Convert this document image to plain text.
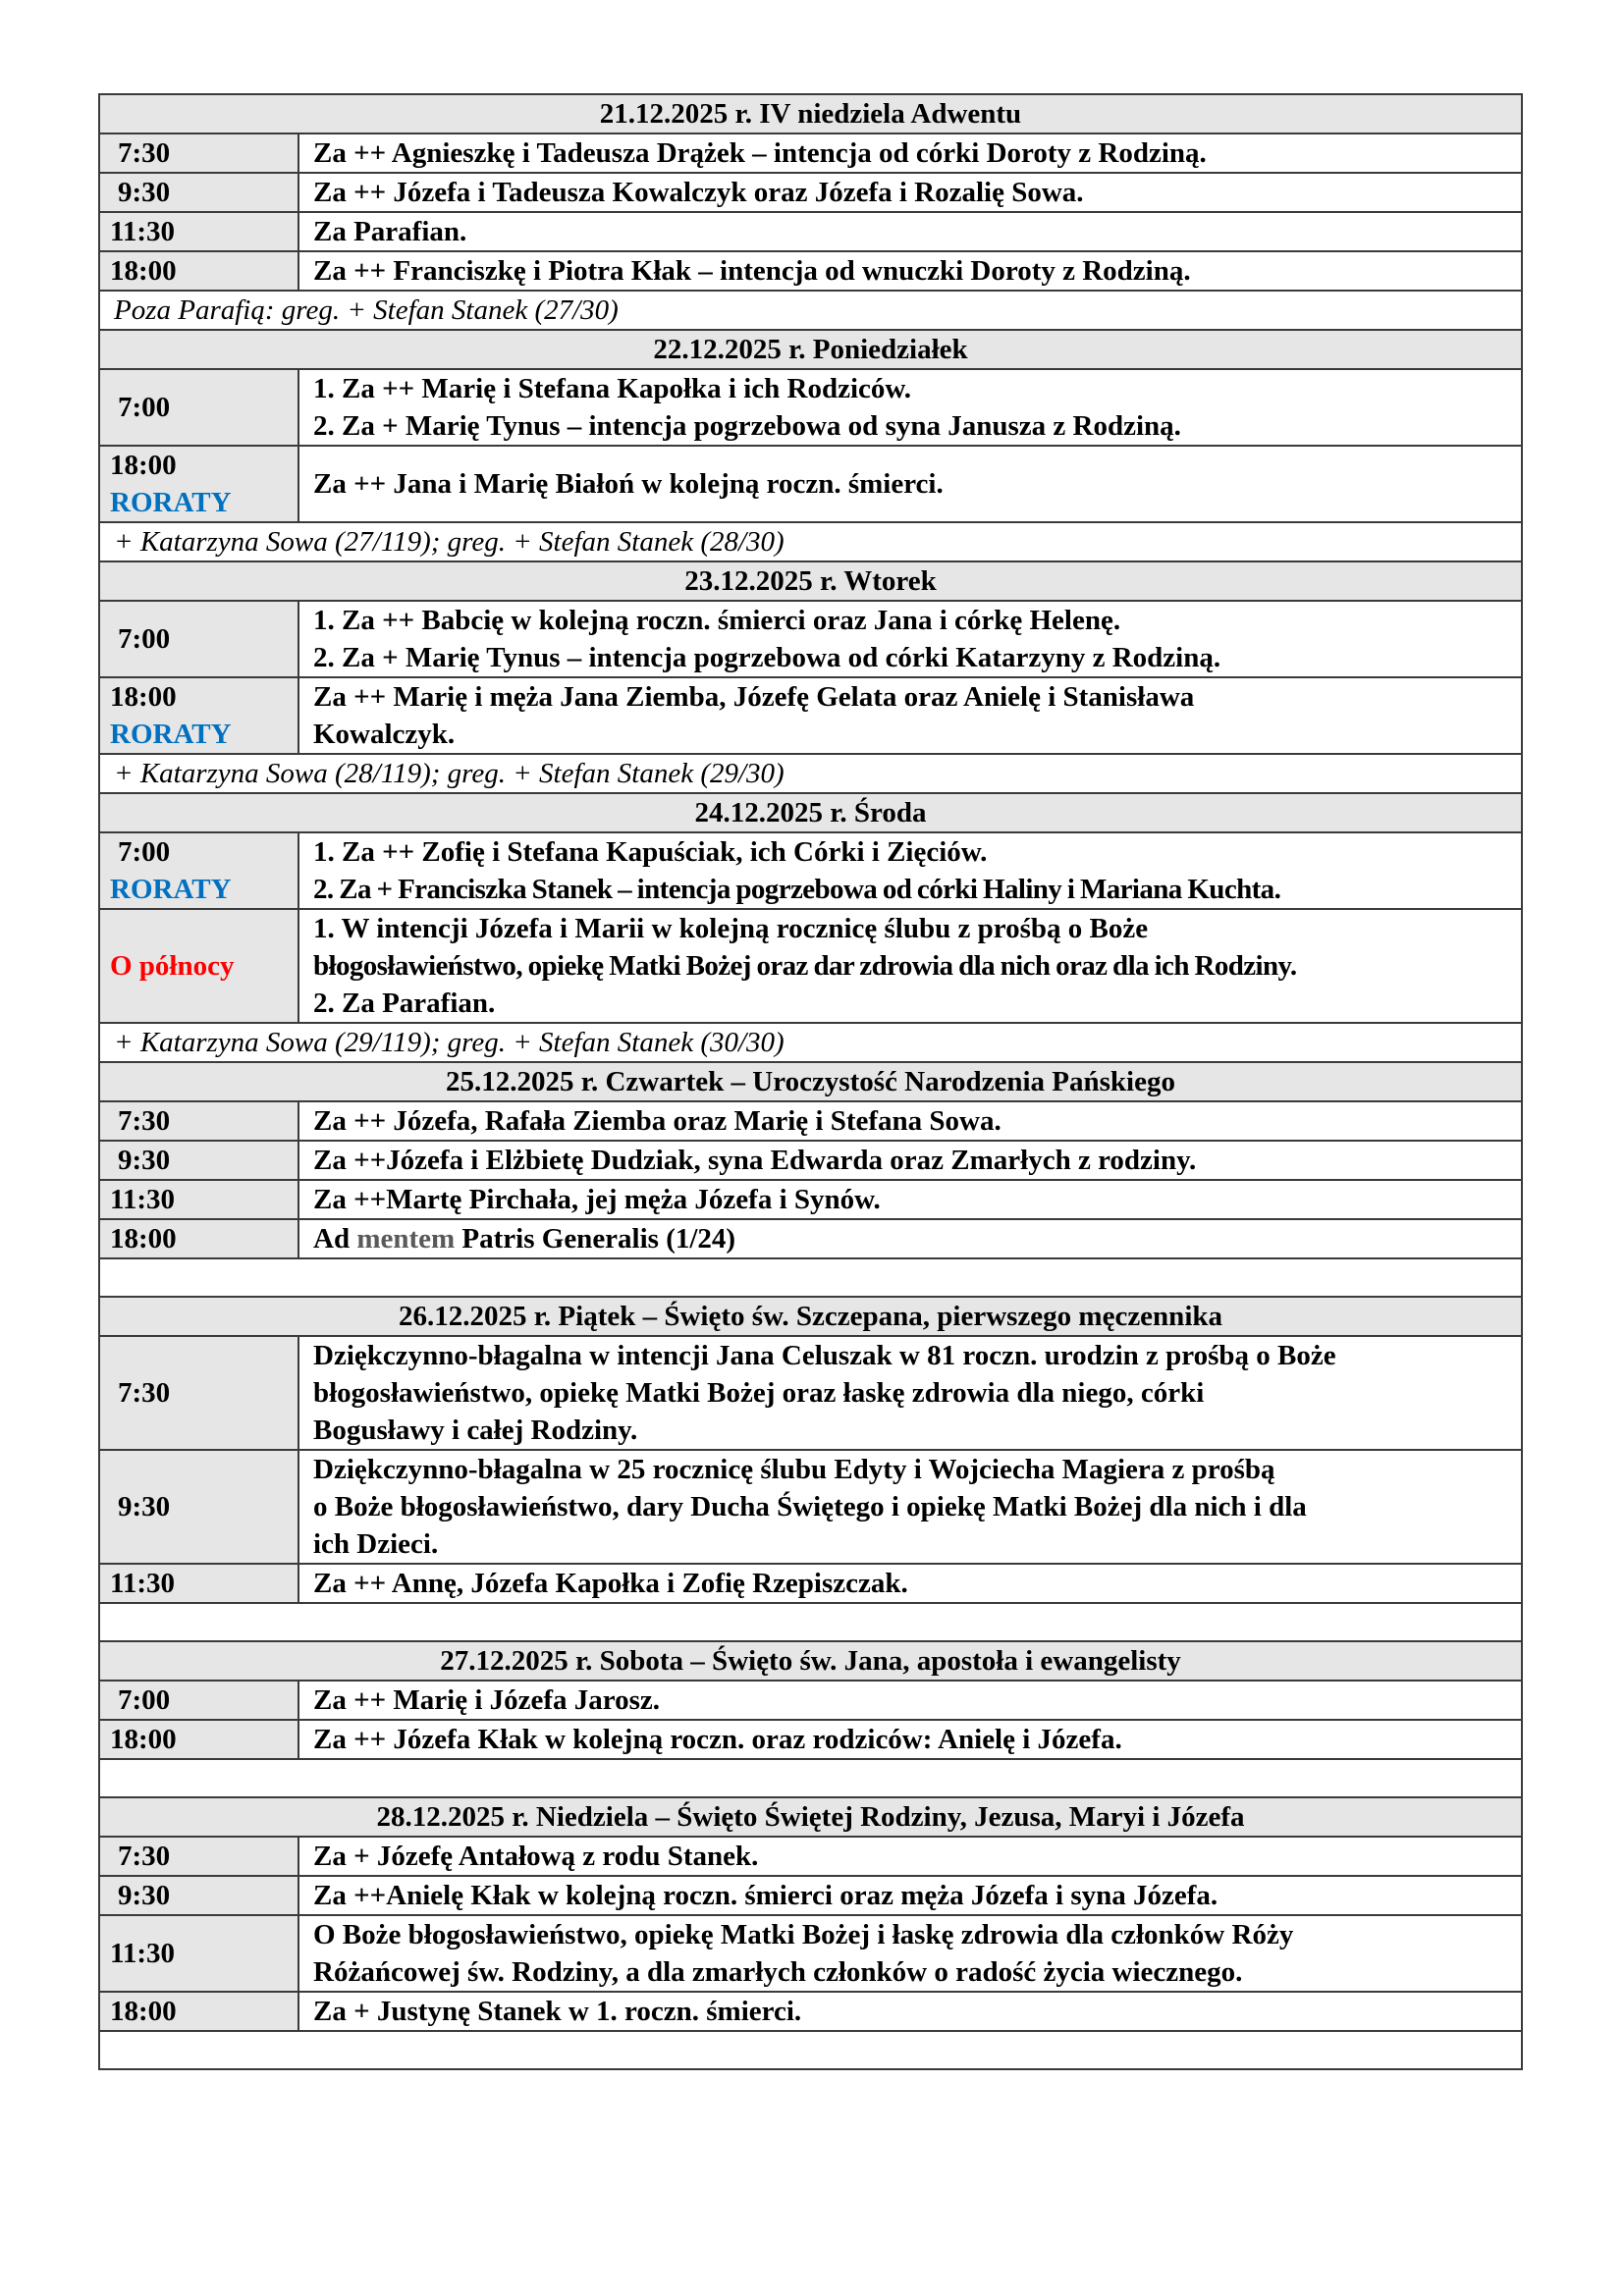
21.12.2025 r. IV niedziela Adwentu	

7:30	Za ++ Agnieszkę i Tadeusza Drążek – intencja od córki Doroty z Rodziną.

9:30	Za ++ Józefa i Tadeusza Kowalczyk oraz Józefa i Rozalię Sowa.
11:30	Za Parafian.
18:00	Za ++ Franciszkę i Piotra Kłak – intencja od wnuczki Doroty z Rodziną.
Poza Parafią: greg. + Stefan Stanek (27/30)	
22.12.2025 r. Poniedziałek	

7:00	1. Za ++ Marię i Stefana Kapołka i ich Rodziców.
2. Za + Marię Tynus – intencja pogrzebowa od syna Janusza z Rodziną.

18:00
RORATY	Za ++ Jana i Marię Białoń w kolejną roczn. śmierci.
+ Katarzyna Sowa (27/119); greg. + Stefan Stanek (28/30)	
23.12.2025 r. Wtorek	

7:00	1. Za ++ Babcię w kolejną roczn. śmierci oraz Jana i córkę Helenę.
2. Za + Marię Tynus – intencja pogrzebowa od córki Katarzyny z Rodziną.

18:00
RORATY	Za ++ Marię i męża Jana Ziemba, Józefę Gelata oraz Anielę i Stanisława
Kowalczyk.

+ Katarzyna Sowa (28/119); greg. + Stefan Stanek (29/30)	
24.12.2025 r. Środa	

7:00
RORATY	1. Za ++ Zofię i Stefana Kapuściak, ich Córki i Zięciów.
2. Za + Franciszka Stanek – intencja pogrzebowa od córki Haliny i Mariana Kuchta.

O północy	1. W intencji Józefa i Marii w kolejną rocznicę ślubu z prośbą o Boże
błogosławieństwo, opiekę Matki Bożej oraz dar zdrowia dla nich oraz dla ich Rodziny.
2. Za Parafian.

+ Katarzyna Sowa (29/119); greg. + Stefan Stanek (30/30)	
25.12.2025 r. Czwartek – Uroczystość Narodzenia Pańskiego	

7:30	Za ++ Józefa, Rafała Ziemba oraz Marię i Stefana Sowa.

9:30	Za ++Józefa i Elżbietę Dudziak, syna Edwarda oraz Zmarłych z rodziny.
11:30	Za ++Martę Pirchała, jej męża Józefa i Synów.
18:00	Ad mentem Patris Generalis (1/24)

26.12.2025 r. Piątek – Święto św. Szczepana, pierwszego męczennika	

7:30	Dziękczynno-błagalna w intencji Jana Celuszak w 81 roczn. urodzin z prośbą o Boże
błogosławieństwo, opiekę Matki Bożej oraz łaskę zdrowia dla niego, córki
Bogusławy i całej Rodziny.

9:30	Dziękczynno-błagalna w 25 rocznicę ślubu Edyty i Wojciecha Magiera z prośbą
o Boże błogosławieństwo, dary Ducha Świętego i opiekę Matki Bożej dla nich i dla
ich Dzieci.

11:30	Za ++ Annę, Józefa Kapołka i Zofię Rzepiszczak.

27.12.2025 r. Sobota – Święto św. Jana, apostoła i ewangelisty	

7:00	Za ++ Marię i Józefa Jarosz.
18:00	Za ++ Józefa Kłak w kolejną roczn. oraz rodziców: Anielę i Józefa.

28.12.2025 r. Niedziela – Święto Świętej Rodziny, Jezusa, Maryi i Józefa	

7:30	Za + Józefę Antałową z rodu Stanek.

9:30	Za ++Anielę Kłak w kolejną roczn. śmierci oraz męża Józefa i syna Józefa.
11:30	O Boże błogosławieństwo, opiekę Matki Bożej i łaskę zdrowia dla członków Róży
Różańcowej św. Rodziny, a dla zmarłych członków o radość życia wiecznego.

18:00	Za + Justynę Stanek w 1. roczn. śmierci.
